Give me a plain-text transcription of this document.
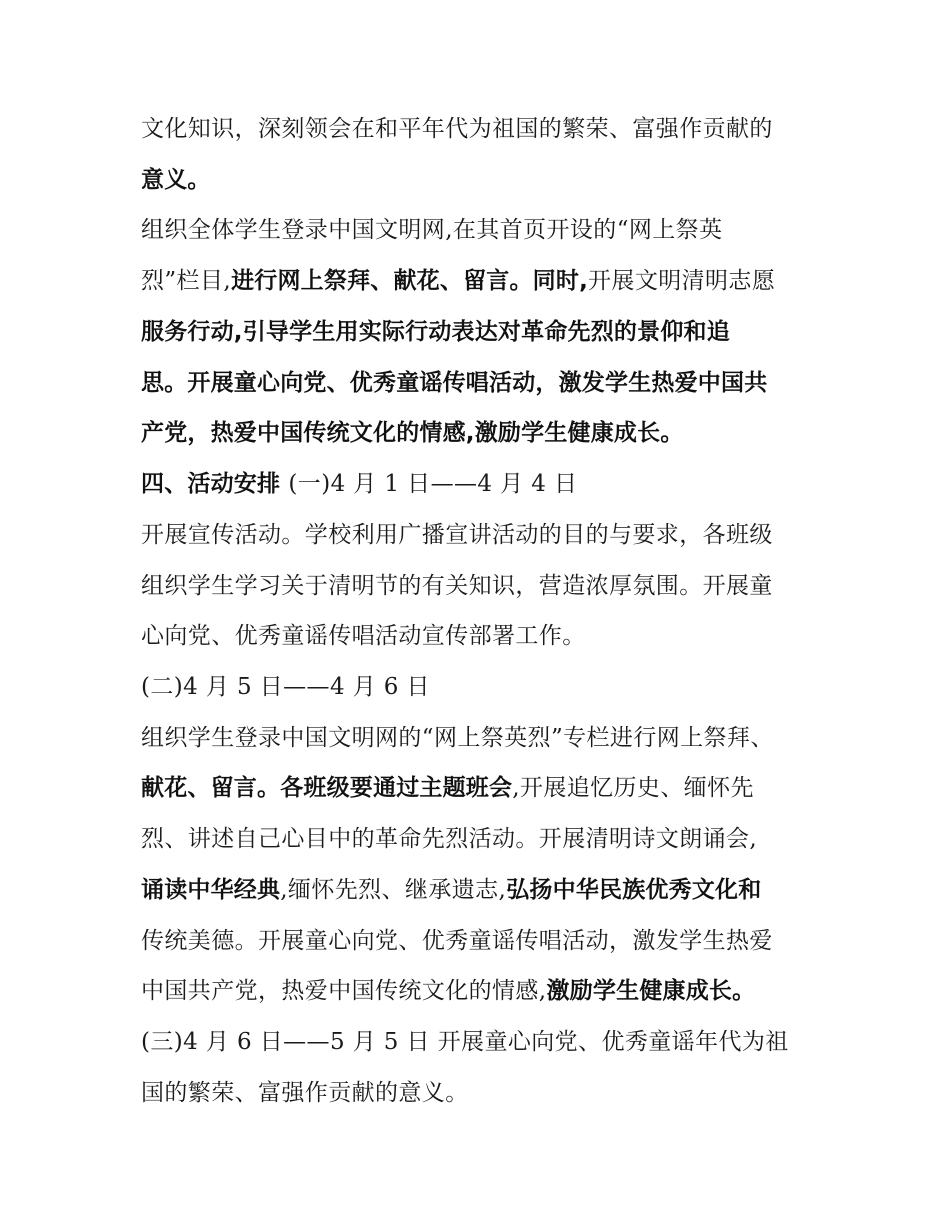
文化知识，深刻领会在和平年代为祖国的繁荣、富强作贡献的
意义。
组织全体学生登录中国文明网,在其首页开设的“网上祭英
烈”栏目,进行网上祭拜、献花、留言。同时,开展文明清明志愿
服务行动,引导学生用实际行动表达对革命先烈的景仰和追
思。开展童心向党、优秀童谣传唱活动，激发学生热爱中国共
产党，热爱中国传统文化的情感,激励学生健康成长。
四、活动安排 (一)4 月 1 日——4 月 4 日
开展宣传活动。学校利用广播宣讲活动的目的与要求，各班级
组织学生学习关于清明节的有关知识，营造浓厚氛围。开展童
心向党、优秀童谣传唱活动宣传部署工作。
(二)4 月 5 日——4 月 6 日
组织学生登录中国文明网的“网上祭英烈”专栏进行网上祭拜、
献花、留言。各班级要通过主题班会,开展追忆历史、缅怀先
烈、讲述自己心目中的革命先烈活动。开展清明诗文朗诵会,
诵读中华经典,缅怀先烈、继承遗志,弘扬中华民族优秀文化和
传统美德。开展童心向党、优秀童谣传唱活动，激发学生热爱
中国共产党，热爱中国传统文化的情感,激励学生健康成长。
(三)4 月 6 日——5 月 5 日 开展童心向党、优秀童谣年代为祖
国的繁荣、富强作贡献的意义。
